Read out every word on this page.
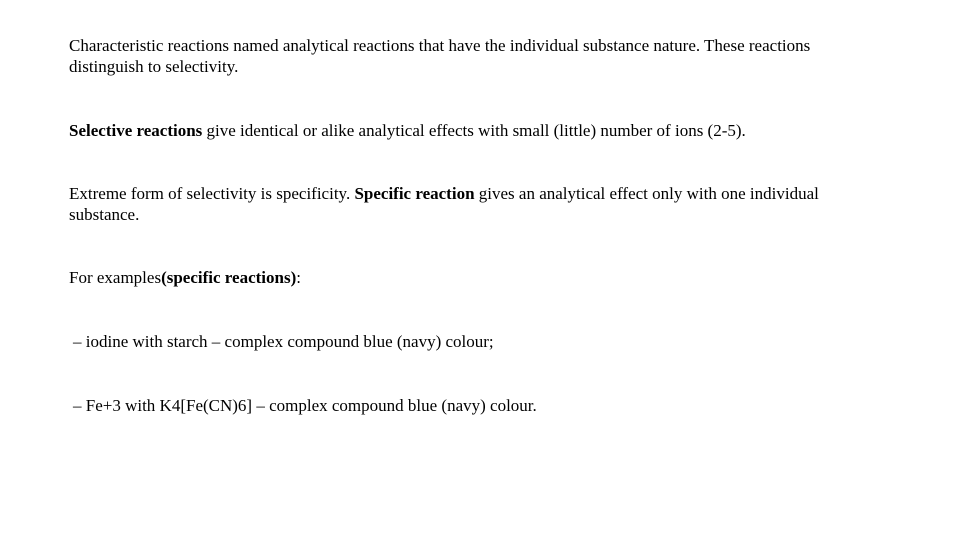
Characteristic reactions named analytical reactions that have the individual substance nature. These reactions distinguish to selectivity.

Selective reactions give identical or alike analytical effects with small (little) number of ions (2-5).

Extreme form of selectivity is specificity. Specific reaction gives an analytical effect only with one individual substance.

For examples(specific reactions):

– iodine with starch – complex compound blue (navy) colour;

– Fe+3 with K4[Fe(CN)6] – complex compound blue (navy) colour.
